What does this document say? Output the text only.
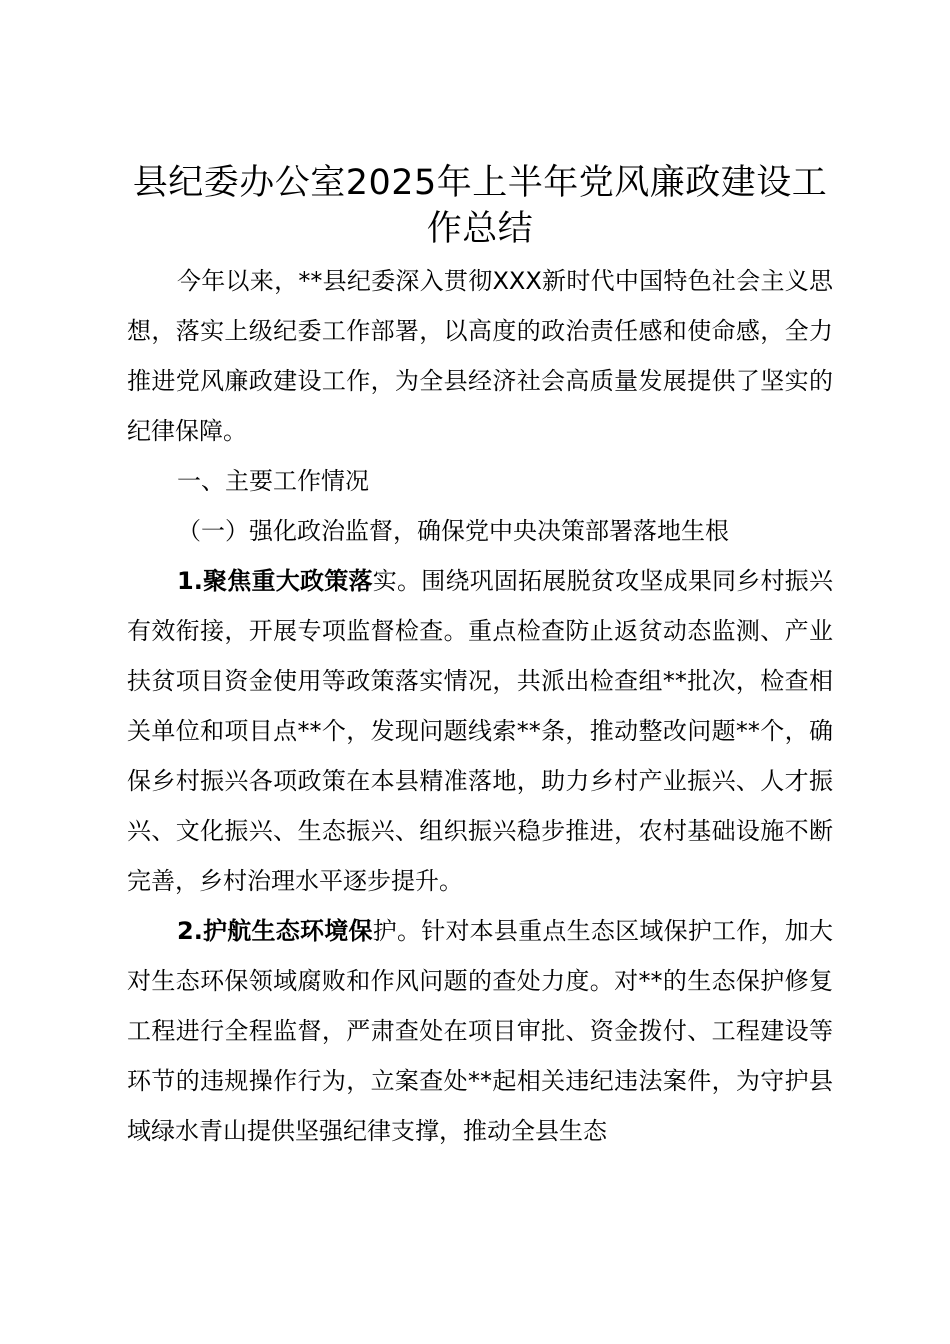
县纪委办公室2025年上半年党风廉政建设工作总结

今年以来，**县纪委深入贯彻XXX新时代中国特色社会主义思想，落实上级纪委工作部署，以高度的政治责任感和使命感，全力推进党风廉政建设工作，为全县经济社会高质量发展提供了坚实的纪律保障。

一、主要工作情况

（一）强化政治监督，确保党中央决策部署落地生根

1.聚焦重大政策落实。围绕巩固拓展脱贫攻坚成果同乡村振兴有效衔接，开展专项监督检查。重点检查防止返贫动态监测、产业扶贫项目资金使用等政策落实情况，共派出检查组**批次，检查相关单位和项目点**个，发现问题线索**条，推动整改问题**个，确保乡村振兴各项政策在本县精准落地，助力乡村产业振兴、人才振兴、文化振兴、生态振兴、组织振兴稳步推进，农村基础设施不断完善，乡村治理水平逐步提升。

2.护航生态环境保护。针对本县重点生态区域保护工作，加大对生态环保领域腐败和作风问题的查处力度。对**的生态保护修复工程进行全程监督，严肃查处在项目审批、资金拨付、工程建设等环节的违规操作行为，立案查处**起相关违纪违法案件，为守护县域绿水青山提供坚强纪律支撑，推动全县生态
